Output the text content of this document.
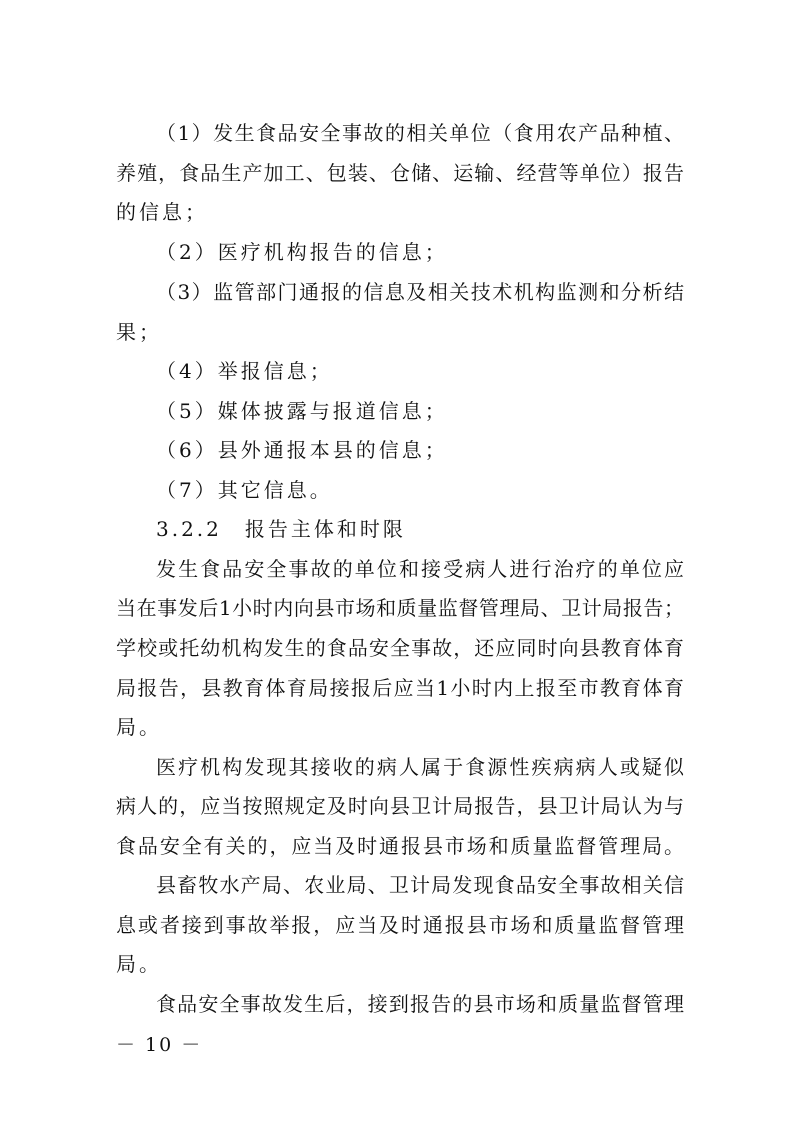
（1）发生食品安全事故的相关单位（食用农产品种植、
养殖，食品生产加工、包装、仓储、运输、经营等单位）报告
的信息；
（2）医疗机构报告的信息；
（3）监管部门通报的信息及相关技术机构监测和分析结
果；
（4）举报信息；
（5）媒体披露与报道信息；
（6）县外通报本县的信息；
（7）其它信息。
3.2.2　报告主体和时限
发生食品安全事故的单位和接受病人进行治疗的单位应
当在事发后1小时内向县市场和质量监督管理局、卫计局报告；
学校或托幼机构发生的食品安全事故，还应同时向县教育体育
局报告，县教育体育局接报后应当1小时内上报至市教育体育
局。
医疗机构发现其接收的病人属于食源性疾病病人或疑似
病人的，应当按照规定及时向县卫计局报告，县卫计局认为与
食品安全有关的，应当及时通报县市场和质量监督管理局。
县畜牧水产局、农业局、卫计局发现食品安全事故相关信
息或者接到事故举报，应当及时通报县市场和质量监督管理
局。
食品安全事故发生后，接到报告的县市场和质量监督管理
－ 10 －
